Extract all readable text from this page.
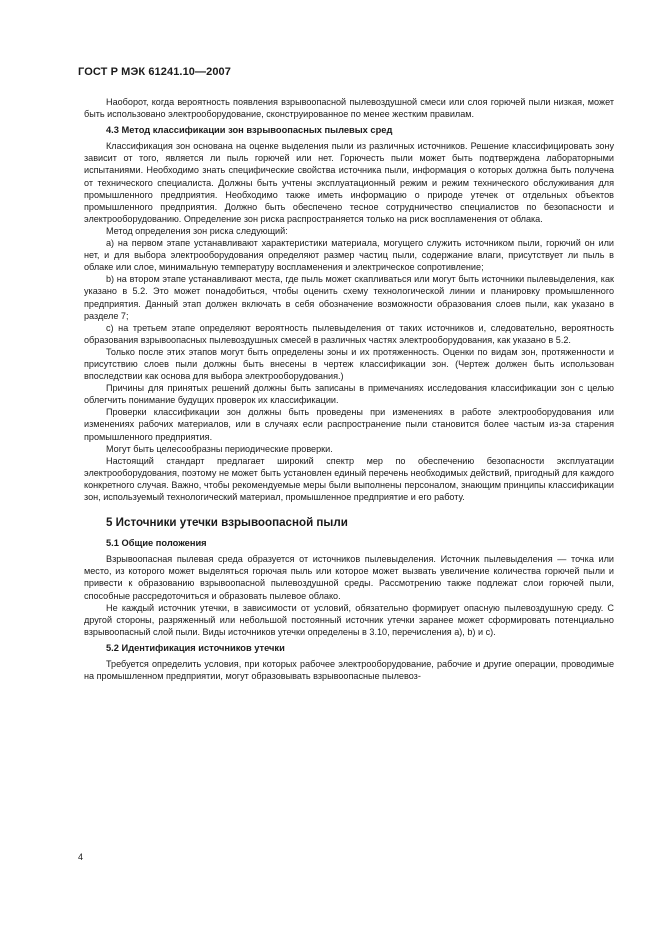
ГОСТ Р МЭК 61241.10—2007

Наоборот, когда вероятность появления взрывоопасной пылевоздушной смеси или слоя горючей пыли низкая, может быть использовано электрооборудование, сконструированное по менее жестким правилам.

4.3 Метод классификации зон взрывоопасных пылевых сред

Классификация зон основана на оценке выделения пыли из различных источников. Решение классифицировать зону зависит от того, является ли пыль горючей или нет. Горючесть пыли может быть подтверждена лабораторными испытаниями. Необходимо знать специфические свойства источника пыли, информация о которых должна быть получена от технического специалиста. Должны быть учтены эксплуатационный режим и режим технического обслуживания для промышленного предприятия. Необходимо также иметь информацию о природе утечек от отдельных объектов промышленного предприятия. Должно быть обеспечено тесное сотрудничество специалистов по безопасности и электрооборудованию. Определение зон риска распространяется только на риск воспламенения от облака.

Метод определения зон риска следующий:

а) на первом этапе устанавливают характеристики материала, могущего служить источником пыли, горючий он или нет, и для выбора электрооборудования определяют размер частиц пыли, содержание влаги, присутствует ли пыль в облаке или слое, минимальную температуру воспламенения и электрическое сопротивление;

b) на втором этапе устанавливают места, где пыль может скапливаться или могут быть источники пылевыделения, как указано в 5.2. Это может понадобиться, чтобы оценить схему технологической линии и планировку промышленного предприятия. Данный этап должен включать в себя обозначение возможности образования слоев пыли, как указано в разделе 7;

с) на третьем этапе определяют вероятность пылевыделения от таких источников и, следовательно, вероятность образования взрывоопасных пылевоздушных смесей в различных частях электрооборудования, как указано в 5.2.

Только после этих этапов могут быть определены зоны и их протяженность. Оценки по видам зон, протяженности и присутствию слоев пыли должны быть внесены в чертеж классификации зон. (Чертеж должен быть использован впоследствии как основа для выбора электрооборудования.)

Причины для принятых решений должны быть записаны в примечаниях исследования классификации зон с целью облегчить понимание будущих проверок их классификации.

Проверки классификации зон должны быть проведены при изменениях в работе электрооборудования или изменениях рабочих материалов, или в случаях если распространение пыли становится более частым из-за старения промышленного предприятия.

Могут быть целесообразны периодические проверки.

Настоящий стандарт предлагает широкий спектр мер по обеспечению безопасности эксплуатации электрооборудования, поэтому не может быть установлен единый перечень необходимых действий, пригодный для каждого конкретного случая. Важно, чтобы рекомендуемые меры были выполнены персоналом, знающим принципы классификации зон, используемый технологический материал, промышленное предприятие и его работу.

5 Источники утечки взрывоопасной пыли
5.1 Общие положения

Взрывоопасная пылевая среда образуется от источников пылевыделения. Источник пылевыделения — точка или место, из которого может выделяться горючая пыль или которое может вызвать увеличение количества горючей пыли и привести к образованию взрывоопасной пылевоздушной среды. Рассмотрению также подлежат слои горючей пыли, способные рассредоточиться и образовать пылевое облако.

Не каждый источник утечки, в зависимости от условий, обязательно формирует опасную пылевоздушную среду. С другой стороны, разряженный или небольшой постоянный источник утечки заранее может сформировать потенциально взрывоопасный слой пыли. Виды источников утечки определены в 3.10, перечисления а), b) и с).

5.2 Идентификация источников утечки

Требуется определить условия, при которых рабочее электрооборудование, рабочие и другие операции, проводимые на промышленном предприятии, могут образовывать взрывоопасные пылевоз-

4
